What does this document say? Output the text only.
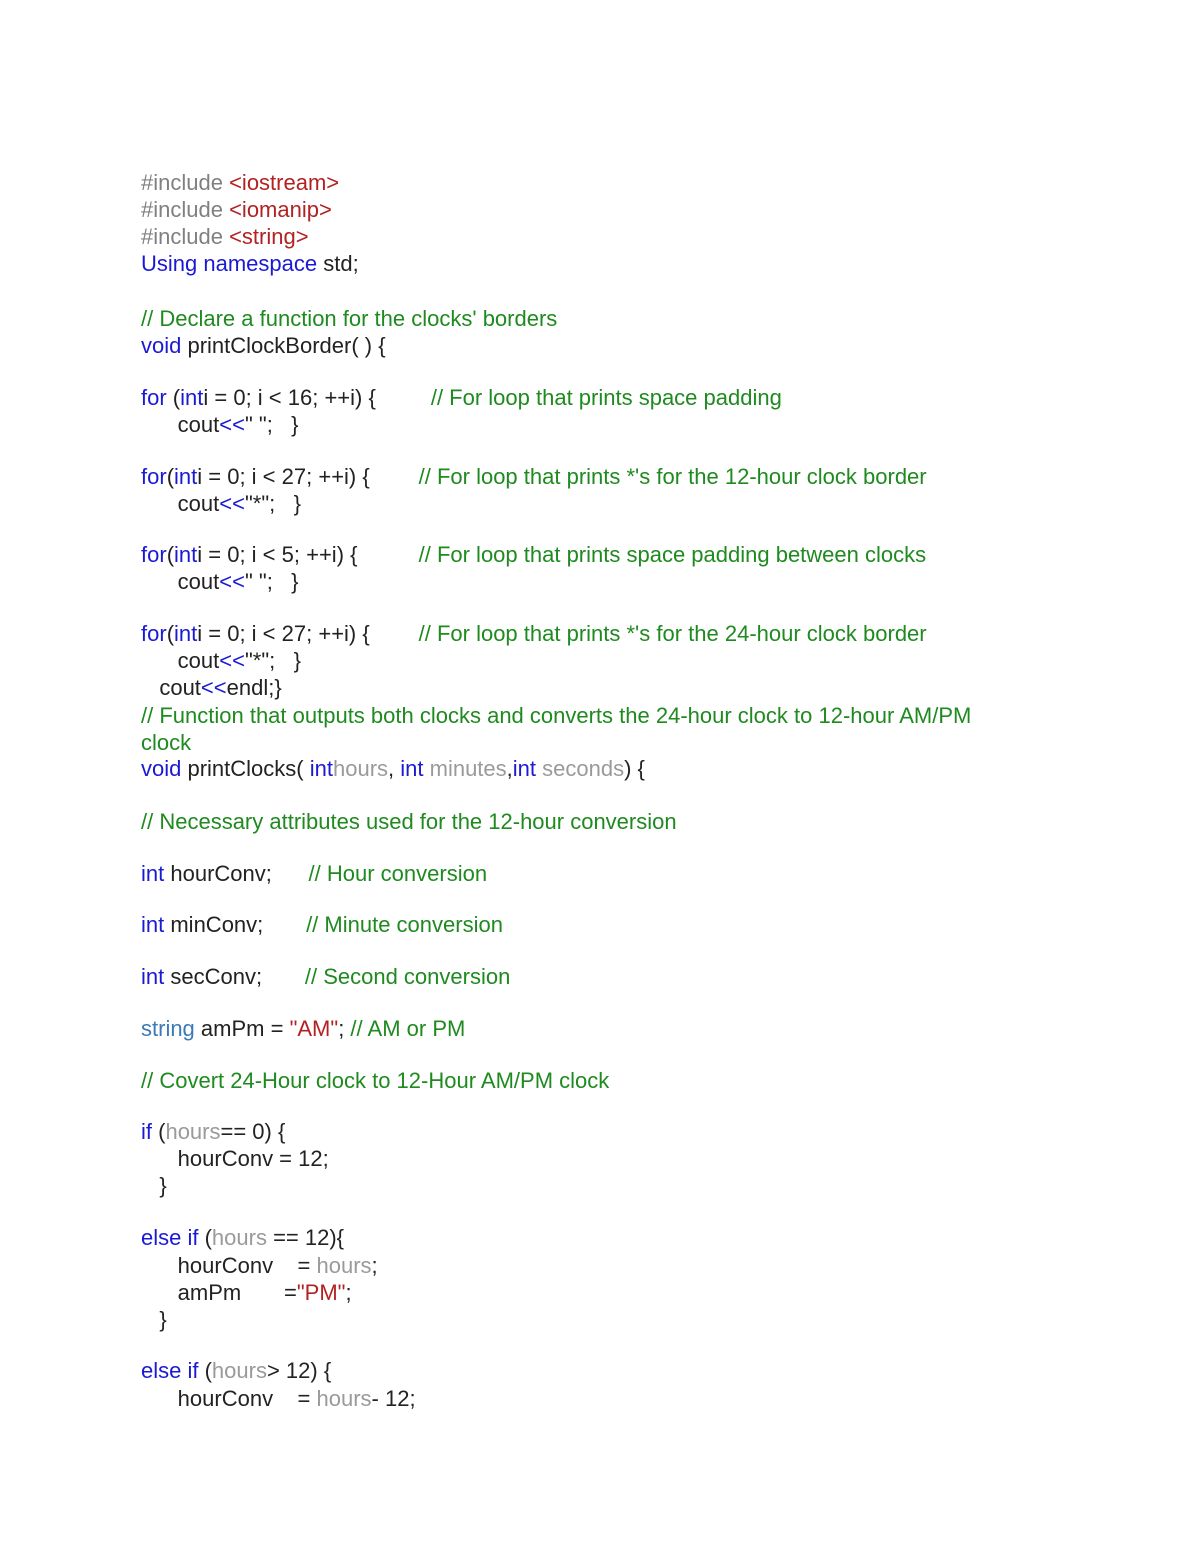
#include <iostream>
#include <iomanip>
#include <string>
Using namespace std;
// Declare a function for the clocks' borders
void printClockBorder( ) {
for (inti = 0; i < 16; ++i) {         // For loop that prints space padding
cout<<" ";   }
for(inti = 0; i < 27; ++i) {        // For loop that prints *'s for the 12-hour clock border
cout<<"*";   }
for(inti = 0; i < 5; ++i) {          // For loop that prints space padding between clocks
cout<<" ";   }
for(inti = 0; i < 27; ++i) {        // For loop that prints *'s for the 24-hour clock border
cout<<"*";   }
cout<<endl;}
// Function that outputs both clocks and converts the 24-hour clock to 12-hour AM/PM
clock
void printClocks( inthours, int minutes,int seconds) {
// Necessary attributes used for the 12-hour conversion
int hourConv;      // Hour conversion
int minConv;       // Minute conversion
int secConv;       // Second conversion
string amPm = "AM"; // AM or PM
// Covert 24-Hour clock to 12-Hour AM/PM clock
if (hours== 0) {
hourConv = 12;
}
else if (hours == 12){
hourConv    = hours;
amPm       ="PM";
}
else if (hours> 12) {
hourConv    = hours- 12;
